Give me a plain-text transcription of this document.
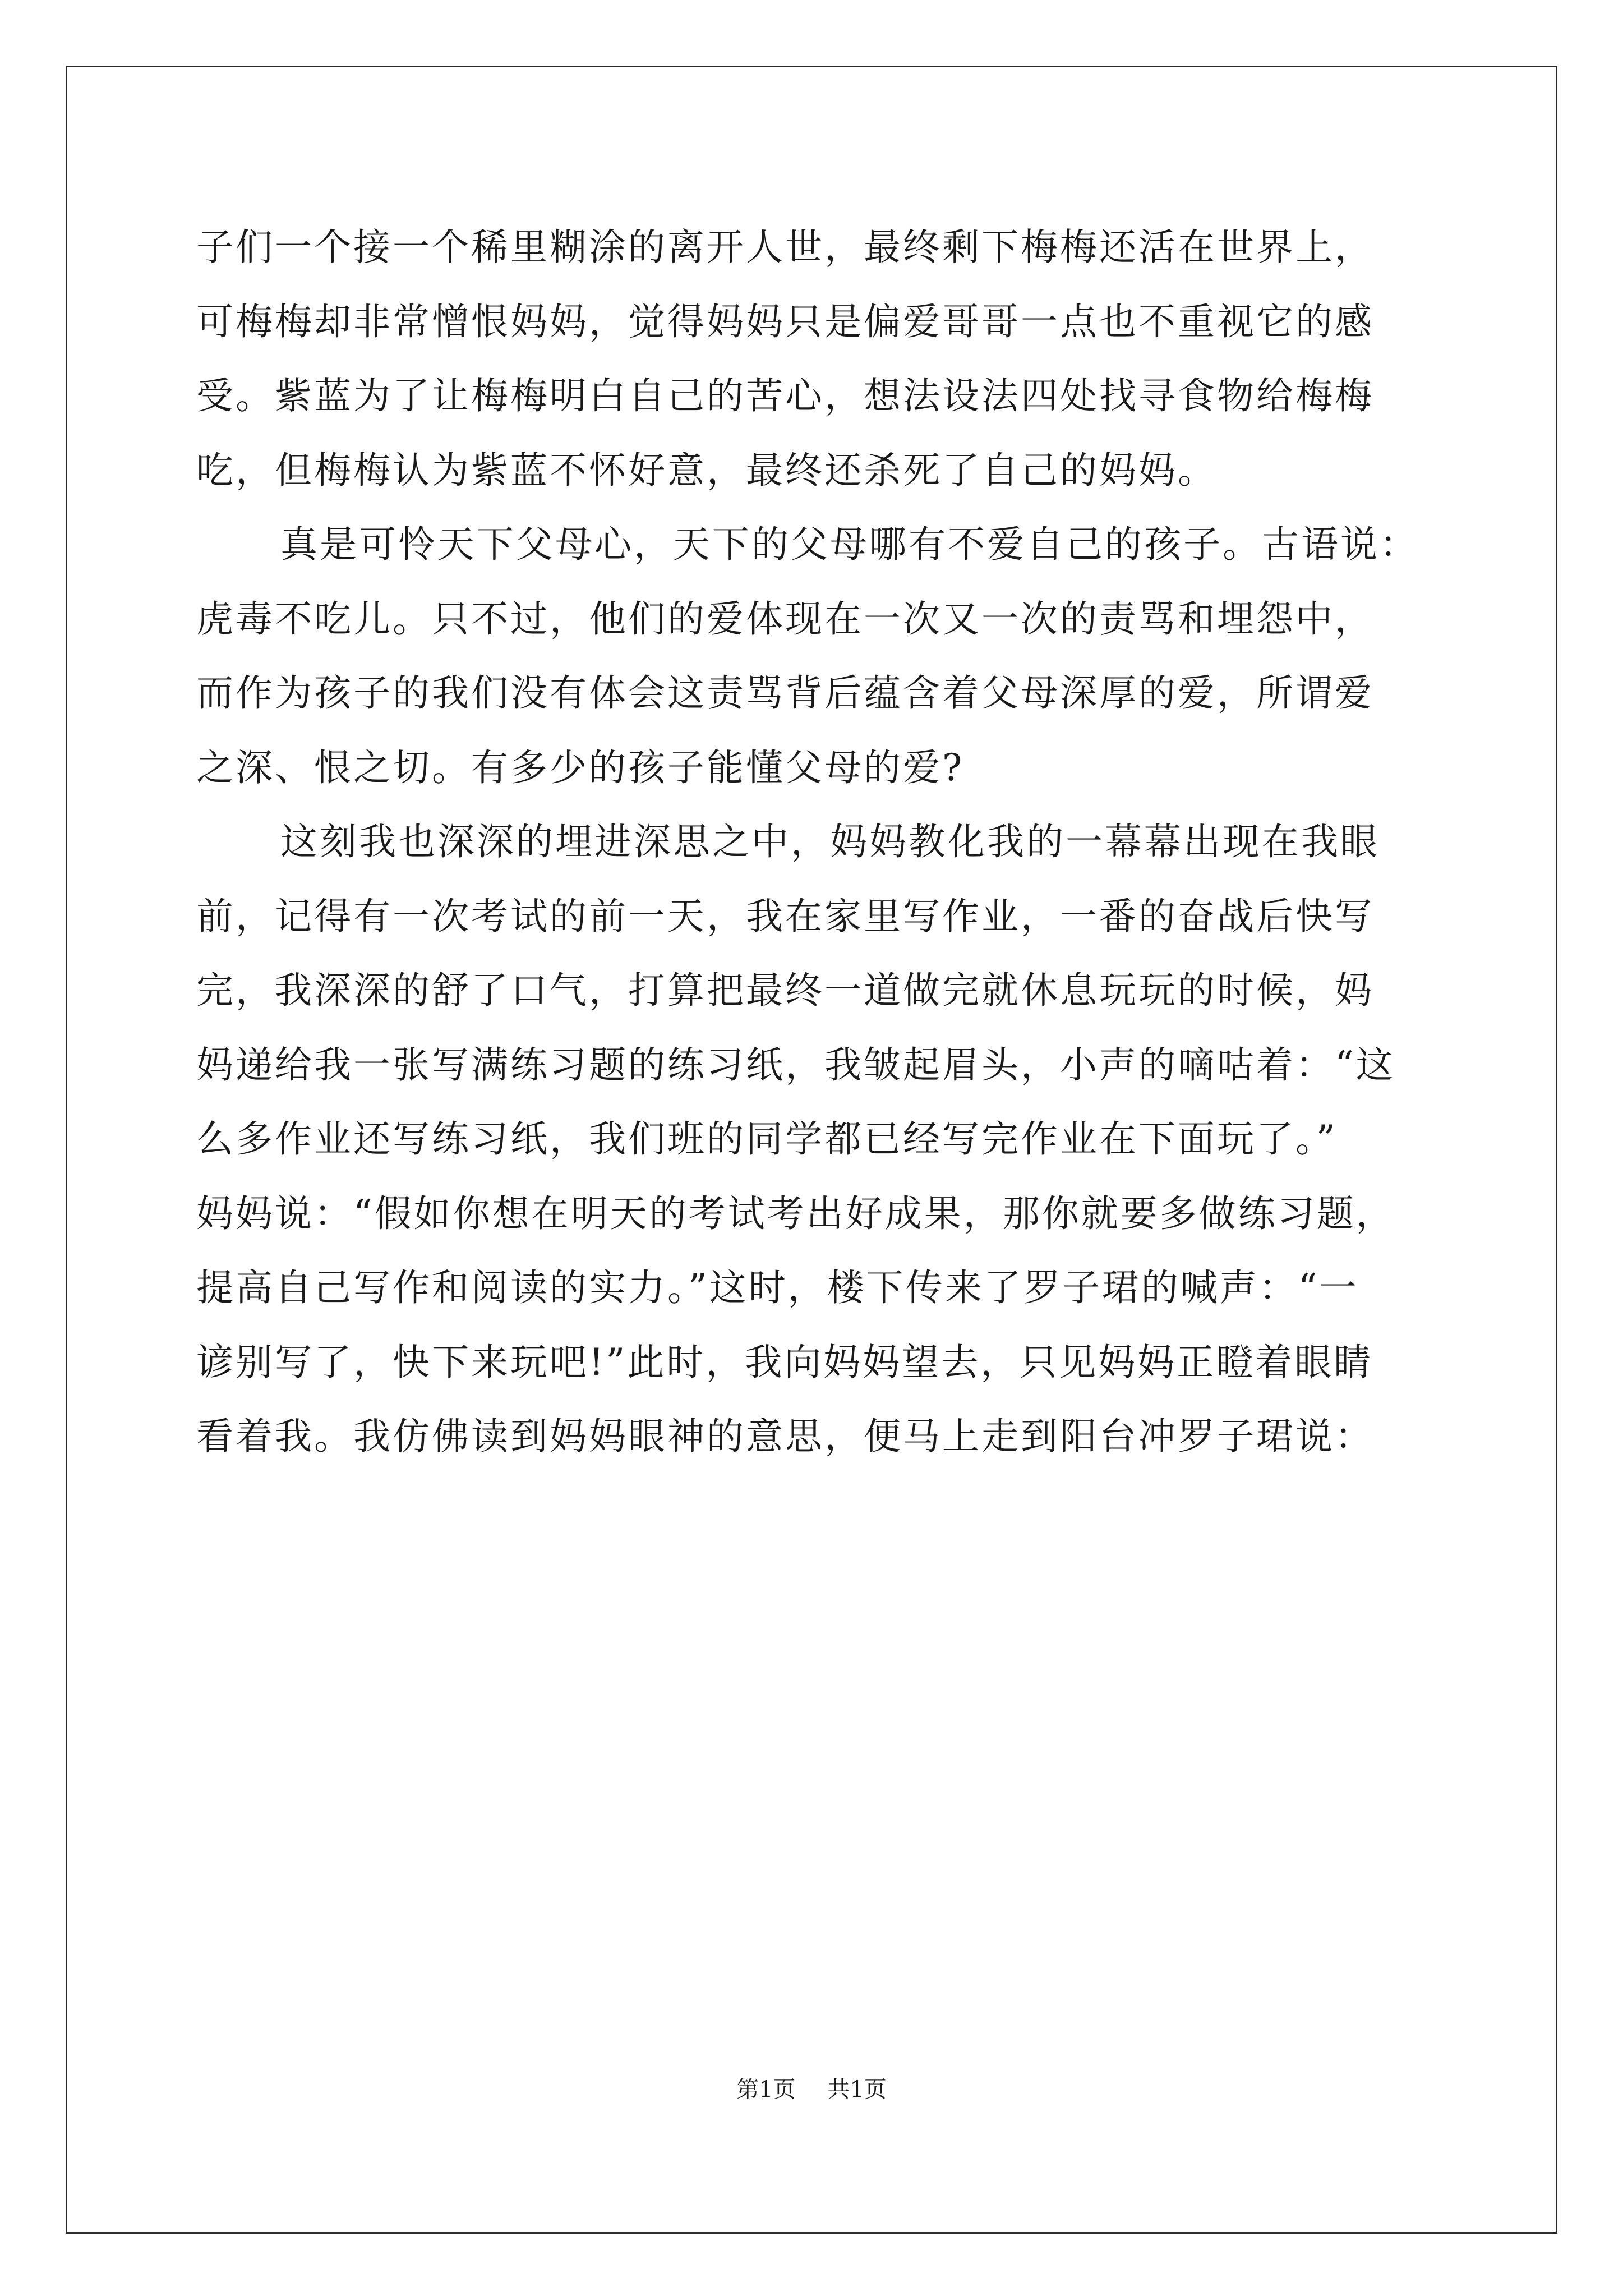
子们一个接一个稀里糊涂的离开人世，最终剩下梅梅还活在世界上，
可梅梅却非常憎恨妈妈，觉得妈妈只是偏爱哥哥一点也不重视它的感
受。紫蓝为了让梅梅明白自己的苦心，想法设法四处找寻食物给梅梅
吃，但梅梅认为紫蓝不怀好意，最终还杀死了自己的妈妈。
真是可怜天下父母心，天下的父母哪有不爱自己的孩子。古语说：
虎毒不吃儿。只不过，他们的爱体现在一次又一次的责骂和埋怨中，
而作为孩子的我们没有体会这责骂背后蕴含着父母深厚的爱，所谓爱
之深、恨之切。有多少的孩子能懂父母的爱?
这刻我也深深的埋进深思之中，妈妈教化我的一幕幕出现在我眼
前，记得有一次考试的前一天，我在家里写作业，一番的奋战后快写
完，我深深的舒了口气，打算把最终一道做完就休息玩玩的时候，妈
妈递给我一张写满练习题的练习纸，我皱起眉头，小声的嘀咕着：“这
么多作业还写练习纸，我们班的同学都已经写完作业在下面玩了。”
妈妈说：“假如你想在明天的考试考出好成果，那你就要多做练习题，
提高自己写作和阅读的实力。”这时，楼下传来了罗子珺的喊声：“一
谚别写了，快下来玩吧!”此时，我向妈妈望去，只见妈妈正瞪着眼睛
看着我。我仿佛读到妈妈眼神的意思，便马上走到阳台冲罗子珺说：
第1页 共1页
